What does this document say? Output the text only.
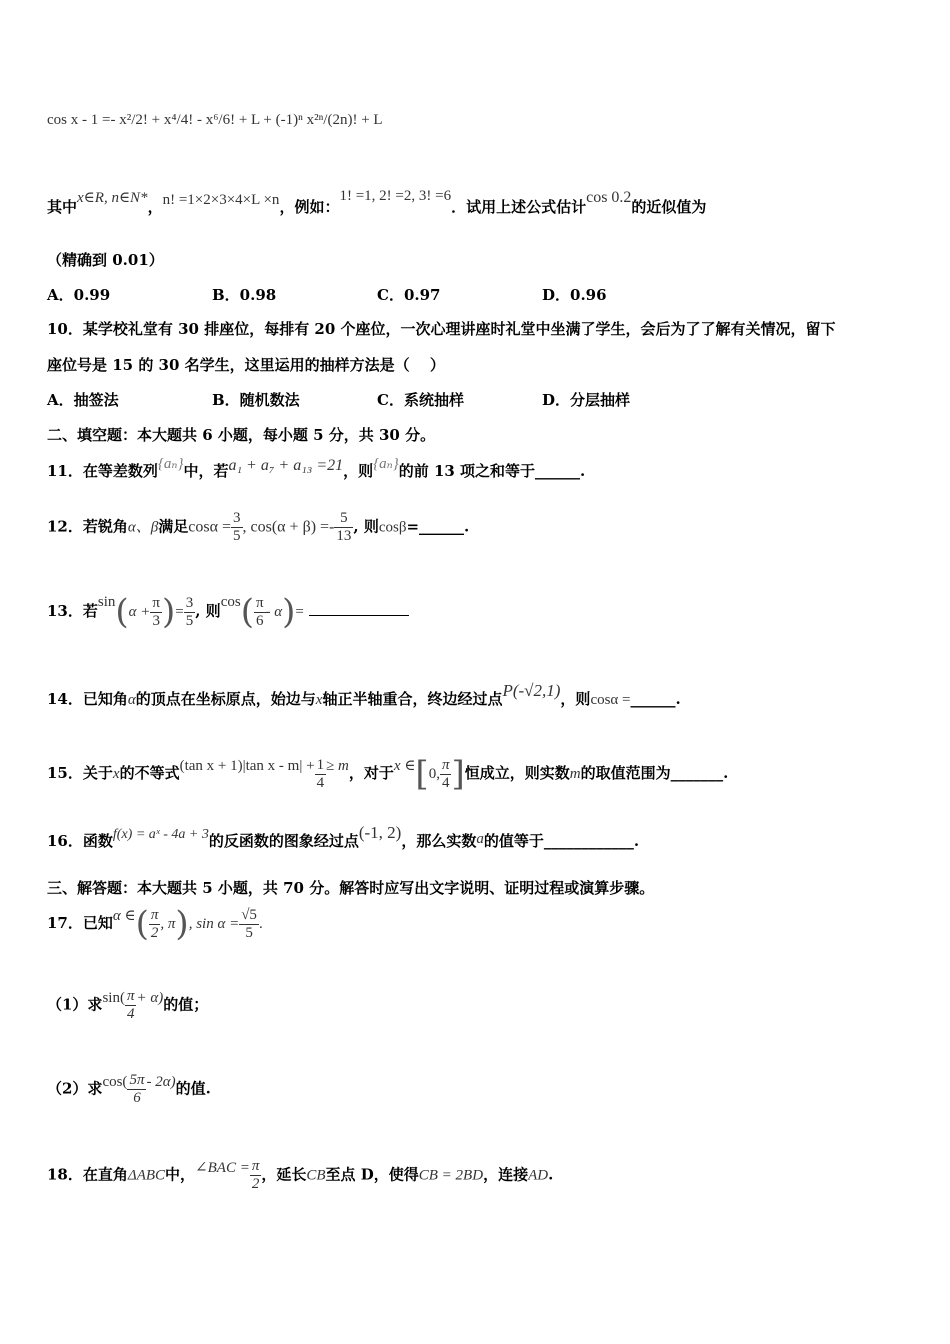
cos x - 1 =- x²/2! + x⁴/4! - x⁶/6! + L + (-1)ⁿ x²ⁿ/(2n)! + L
其中x∈R, n∈N*，n! =1×2×3×4×L ×n，例如：1! =1, 2! =2, 3! =6．试用上述公式估计cos 0.2的近似值为
（精确到 0.01）
A．0.99	B．0.98	C．0.97	D．0.96
10．某学校礼堂有 30 排座位，每排有 20 个座位，一次心理讲座时礼堂中坐满了学生，会后为了了解有关情况，留下
座位号是 15 的 30 名学生，这里运用的抽样方法是（　 ）
A．抽签法	B．随机数法	C．系统抽样	D．分层抽样
二、填空题：本大题共 6 小题，每小题 5 分，共 30 分。
11．在等差数列{aₙ}中，若a₁ + a₇ + a₁₃ =21，则{aₙ}的前 13 项之和等于______.
12．若锐角α、β满足$\cos\alpha = \frac{3}{5}$ , $\cos(\alpha + \beta) =- \frac{5}{13}$ , 则cosβ=______.
13．若$\sin(\alpha + \frac{\pi}{3}$ )= $\frac{3}{5}$ , 则$\cos( \frac{\pi}{6} - \alpha)=$
14．已知角α的顶点在坐标原点，始边与x轴正半轴重合，终边经过点P(-√2,1)，则cosα =______.
15．关于x的不等式(tan x + 1)|tan $x - m| + \frac{1}{4} \ge m$，对于x ∈[0, $\frac{\pi}{4}$ ]恒成立，则实数m的取值范围为_______.
16．函数f(x) = aˣ - 4a + 3的反函数的图象经过点(-1, 2)，那么实数a的值等于____________.
三、解答题：本大题共 5 小题，共 70 分。解答时应写出文字说明、证明过程或演算步骤。
17．已知α ∈( $\frac{\pi}{2}$ , π), $\sin \alpha = \frac{√5}{5}$ .
（1）求$\sin( \frac{\pi}{4} + \alpha)$的值；
（2）求$\cos( \frac{5\pi}{6} - 2\alpha)$的值.
18．在直角ΔABC中，∠BAC = $\frac{\pi}{2}$ ，延长CB至点 D，使得CB = 2BD，连接AD.
